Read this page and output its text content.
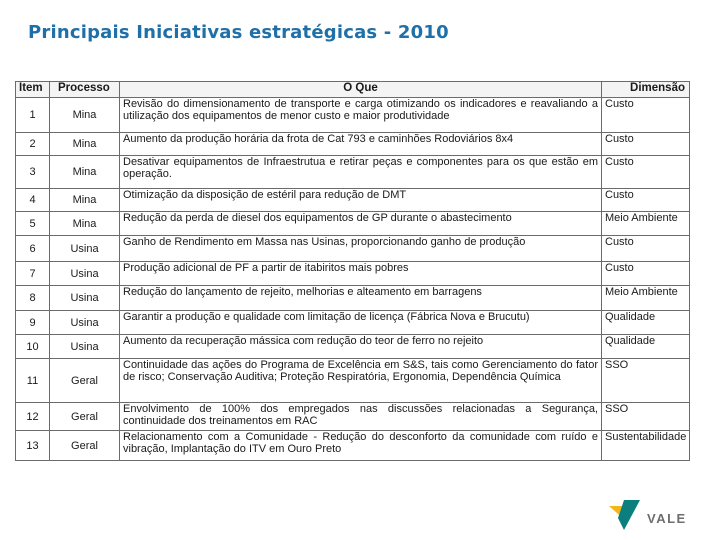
Principais Iniciativas estratégicas - 2010
Item	Processo	O Que	Dimensão
1	Mina	Revisão do dimensionamento de transporte e carga otimizando os indicadores e reavaliando a utilização dos equipamentos de menor custo e maior produtividade	Custo
2	Mina	Aumento da produção horária da frota de Cat 793 e caminhões Rodoviários 8x4	Custo
3	Mina	Desativar equipamentos de Infraestrutua e retirar peças e componentes para os que estão em operação.	Custo
4	Mina	Otimização da disposição de estéril para redução de DMT	Custo
5	Mina	Redução da perda de diesel dos equipamentos de GP durante o abastecimento	Meio Ambiente
6	Usina	Ganho de Rendimento em Massa nas Usinas, proporcionando ganho de produção	Custo
7	Usina	Produção adicional de PF a partir de itabiritos mais pobres	Custo
8	Usina	Redução do lançamento de rejeito, melhorias e alteamento em barragens	Meio Ambiente
9	Usina	Garantir a produção e qualidade com limitação de licença (Fábrica Nova e Brucutu)	Qualidade
10	Usina	Aumento da recuperação mássica com redução do teor de ferro no rejeito	Qualidade
11	Geral	Continuidade das ações do Programa de Excelência em S&S, tais como Gerenciamento do fator de risco; Conservação Auditiva; Proteção Respiratória, Ergonomia, Dependência Química	SSO
12	Geral	Envolvimento de 100% dos empregados nas discussões relacionadas a Segurança, continuidade dos treinamentos em RAC	SSO
13	Geral	Relacionamento com a Comunidade - Redução do desconforto da comunidade com ruído e vibração, Implantação do ITV em Ouro Preto	Sustentabilidade
VALE
